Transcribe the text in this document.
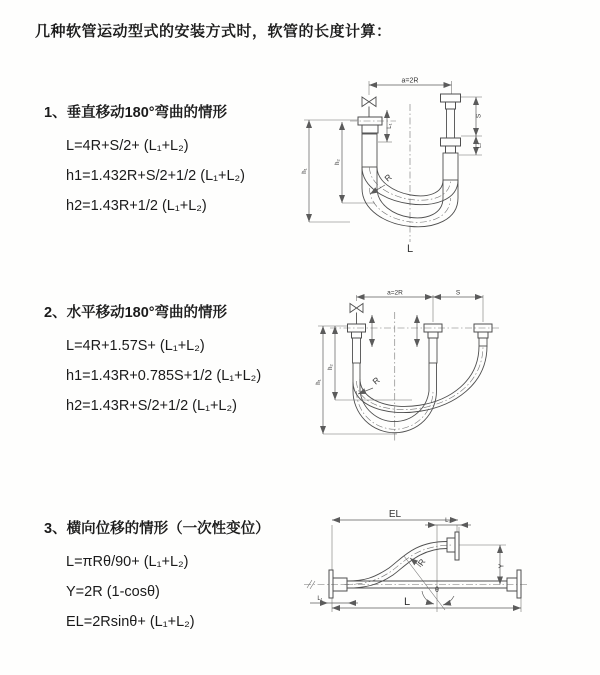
几种软管运动型式的安装方式时，软管的长度计算：
1、垂直移动180°弯曲的情形
L=4R+S/2+ (L₁+L₂)
h1=1.432R+S/2+1/2 (L₁+L₂)
h2=1.43R+1/2 (L₁+L₂)
2、水平移动180°弯曲的情形
L=4R+1.57S+ (L₁+L₂)
h1=1.43R+0.785S+1/2 (L₁+L₂)
h2=1.43R+S/2+1/2 (L₁+L₂)
3、横向位移的情形（一次性变位）
L=πRθ/90+ (L₁+L₂)
Y=2R (1-cosθ)
EL=2Rsinθ+ (L₁+L₂)
a=2R
L₁
S
L₂
h₁
h₂
R
L
a=2R	S
h₁
h₂
R
EL
L₂
Y
θ
R
L₁	L
